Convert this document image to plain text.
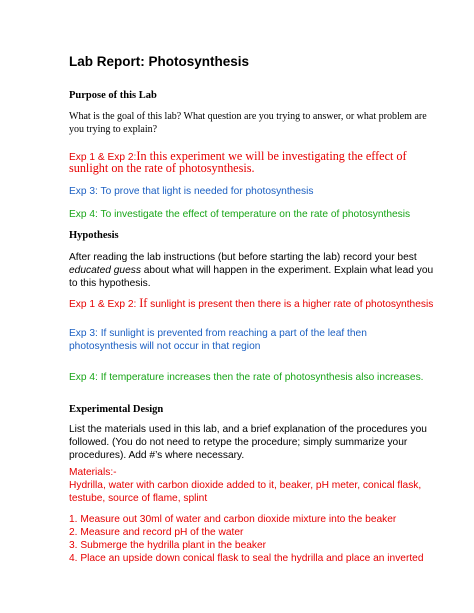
Lab Report: Photosynthesis

Purpose of this Lab

What is the goal of this lab? What question are you trying to answer, or what problem are

you trying to explain?

Exp 1 & Exp 2:In this experiment we will be investigating the effect of

sunlight on the rate of photosynthesis.

Exp 3: To prove that light is needed for photosynthesis

Exp 4: To investigate the effect of temperature on the rate of photosynthesis

Hypothesis

After reading the lab instructions (but before starting the lab) record your best

educated guess about what will happen in the experiment. Explain what lead you

to this hypothesis.

Exp 1 & Exp 2: If sunlight is present then there is a higher rate of photosynthesis

Exp 3: If sunlight is prevented from reaching a part of the leaf then

photosynthesis will not occur in that region

Exp 4: If temperature increases then the rate of photosynthesis also increases.

Experimental Design

List the materials used in this lab, and a brief explanation of the procedures you

followed. (You do not need to retype the procedure; simply summarize your

procedures). Add #’s where necessary.

Materials:-

Hydrilla, water with carbon dioxide added to it, beaker, pH meter, conical flask,

testube, source of flame, splint

1. Measure out 30ml of water and carbon dioxide mixture into the beaker

2. Measure and record pH of the water

3. Submerge the hydrilla plant in the beaker

4. Place an upside down conical flask to seal the hydrilla and place an inverted
